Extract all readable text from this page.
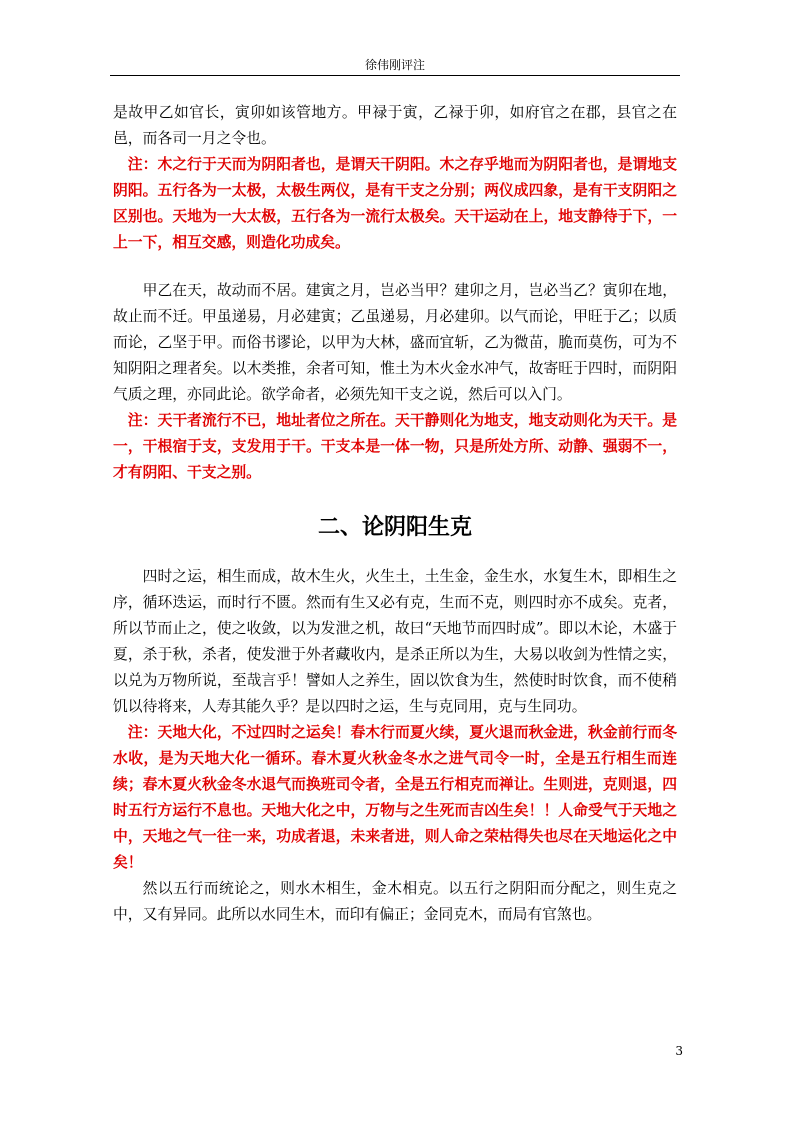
徐伟刚评注

是故甲乙如官长，寅卯如该管地方。甲禄于寅，乙禄于卯，如府官之在郡，县官之在邑，而各司一月之令也。

注：木之行于天而为阴阳者也，是谓天干阴阳。木之存乎地而为阴阳者也，是谓地支阴阳。五行各为一太极，太极生两仪，是有干支之分别；两仪成四象，是有干支阴阳之区别也。天地为一大太极，五行各为一流行太极矣。天干运动在上，地支静待于下，一上一下，相互交感，则造化功成矣。

甲乙在天，故动而不居。建寅之月，岂必当甲？建卯之月，岂必当乙？寅卯在地，故止而不迁。甲虽递易，月必建寅；乙虽递易，月必建卯。以气而论，甲旺于乙；以质而论，乙坚于甲。而俗书谬论，以甲为大林，盛而宜斩，乙为微苗，脆而莫伤，可为不知阴阳之理者矣。以木类推，余者可知，惟土为木火金水冲气，故寄旺于四时，而阴阳气质之理，亦同此论。欲学命者，必须先知干支之说，然后可以入门。

注：天干者流行不已，地址者位之所在。天干静则化为地支，地支动则化为天干。是一，干根宿于支，支发用于干。干支本是一体一物，只是所处方所、动静、强弱不一，才有阴阳、干支之别。

二、论阴阳生克

四时之运，相生而成，故木生火，火生土，土生金，金生水，水复生木，即相生之序，循环迭运，而时行不匮。然而有生又必有克，生而不克，则四时亦不成矣。克者，所以节而止之，使之收敛，以为发泄之机，故曰“天地节而四时成”。即以木论，木盛于夏，杀于秋，杀者，使发泄于外者藏收内，是杀正所以为生，大易以收剑为性情之实，以兑为万物所说，至哉言乎！譬如人之养生，固以饮食为生，然使时时饮食，而不使稍饥以待将来，人寿其能久乎？是以四时之运，生与克同用，克与生同功。

注：天地大化，不过四时之运矣！春木行而夏火续，夏火退而秋金进，秋金前行而冬水收，是为天地大化一循环。春木夏火秋金冬水之进气司令一时，全是五行相生而连续；春木夏火秋金冬水退气而换班司令者，全是五行相克而禅让。生则进，克则退，四时五行方运行不息也。天地大化之中，万物与之生死而吉凶生矣！！人命受气于天地之中，天地之气一往一来，功成者退，未来者进，则人命之荣枯得失也尽在天地运化之中矣！

然以五行而统论之，则水木相生，金木相克。以五行之阴阳而分配之，则生克之中，又有异同。此所以水同生木，而印有偏正；金同克木，而局有官煞也。

3
